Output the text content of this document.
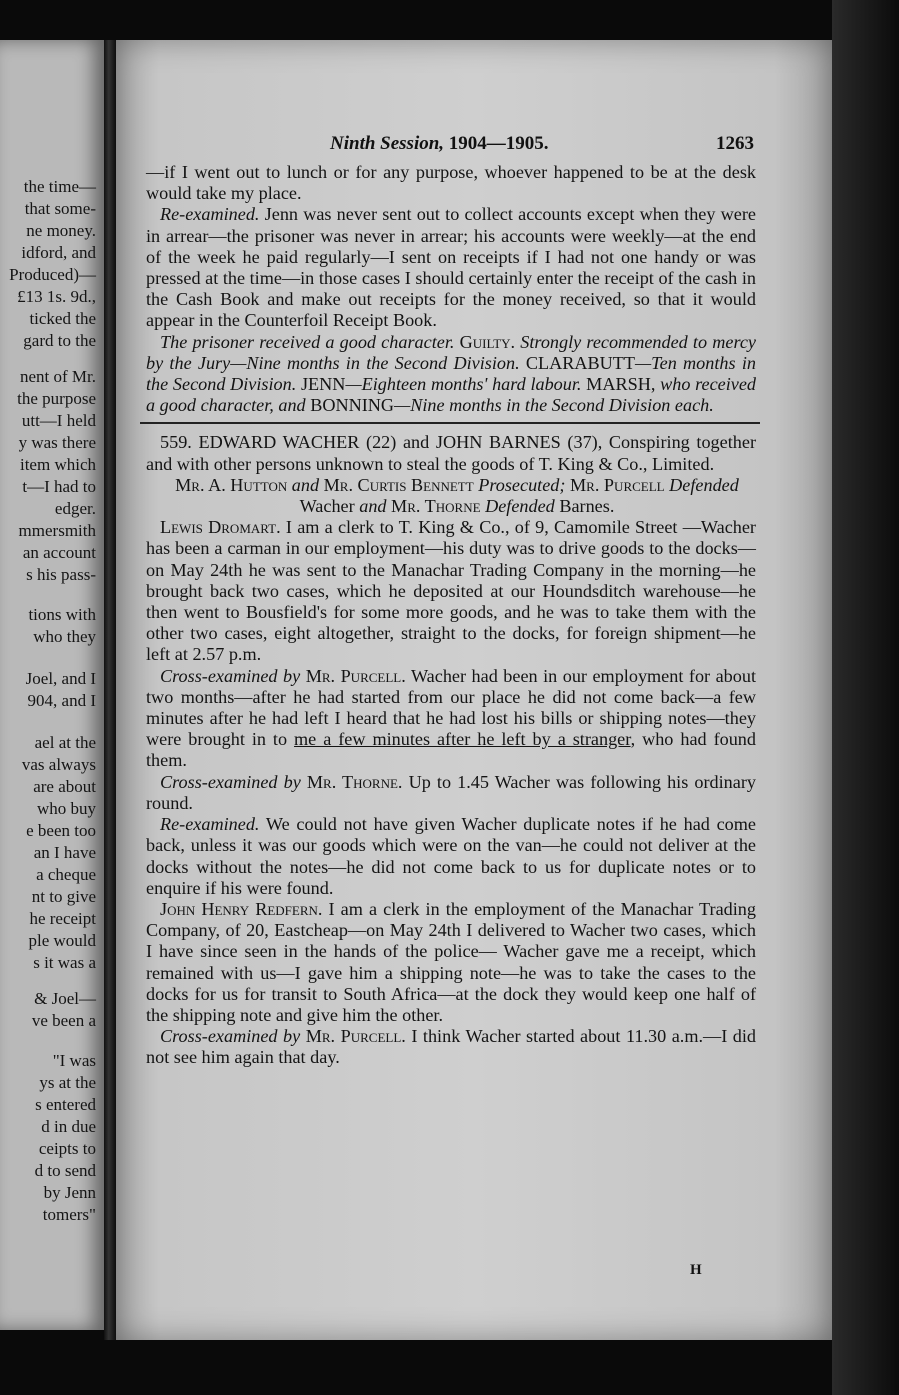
the time—
that some-
ne money.
idford, and
Produced)—
£13 1s. 9d.,
ticked the
gard to the
nent of Mr.
the purpose
utt—I held
y was there
item which
t—I had to
edger.
mmersmith
an account
s his pass-
tions with
who they
Joel, and I
904, and I
ael at the
vas always
are about
who buy
e been too
an I have
a cheque
nt to give
he receipt
ple would
s it was a
& Joel—
ve been a
"I was
ys at the
s entered
d in due
ceipts to
d to send
by Jenn
tomers"
Ninth Session, 1904—1905.	1263

—if I went out to lunch or for any purpose, whoever happened to be at the desk would take my place.

Re-examined. Jenn was never sent out to collect accounts except when they were in arrear—the prisoner was never in arrear; his accounts were weekly—at the end of the week he paid regularly—I sent on receipts if I had not one handy or was pressed at the time—in those cases I should certainly enter the receipt of the cash in the Cash Book and make out receipts for the money received, so that it would appear in the Counterfoil Receipt Book.

The prisoner received a good character. Guilty. Strongly recommended to mercy by the Jury—Nine months in the Second Division. CLARABUTT—Ten months in the Second Division. JENN—Eighteen months' hard labour. MARSH, who received a good character, and BONNING—Nine months in the Second Division each.

559. EDWARD WACHER (22) and JOHN BARNES (37), Conspiring together and with other persons unknown to steal the goods of T. King & Co., Limited.

Mr. A. Hutton and Mr. Curtis Bennett Prosecuted; Mr. Purcell Defended Wacher and Mr. Thorne Defended Barnes.

Lewis Dromart. I am a clerk to T. King & Co., of 9, Camomile Street —Wacher has been a carman in our employment—his duty was to drive goods to the docks—on May 24th he was sent to the Manachar Trading Company in the morning—he brought back two cases, which he deposited at our Houndsditch warehouse—he then went to Bousfield's for some more goods, and he was to take them with the other two cases, eight altogether, straight to the docks, for foreign shipment—he left at 2.57 p.m.

Cross-examined by Mr. Purcell. Wacher had been in our employment for about two months—after he had started from our place he did not come back—a few minutes after he had left I heard that he had lost his bills or shipping notes—they were brought in to me a few minutes after he left by a stranger, who had found them.

Cross-examined by Mr. Thorne. Up to 1.45 Wacher was following his ordinary round.

Re-examined. We could not have given Wacher duplicate notes if he had come back, unless it was our goods which were on the van—he could not deliver at the docks without the notes—he did not come back to us for duplicate notes or to enquire if his were found.

John Henry Redfern. I am a clerk in the employment of the Manachar Trading Company, of 20, Eastcheap—on May 24th I delivered to Wacher two cases, which I have since seen in the hands of the police— Wacher gave me a receipt, which remained with us—I gave him a shipping note—he was to take the cases to the docks for us for transit to South Africa—at the dock they would keep one half of the shipping note and give him the other.

Cross-examined by Mr. Purcell. I think Wacher started about 11.30 a.m.—I did not see him again that day.

H
